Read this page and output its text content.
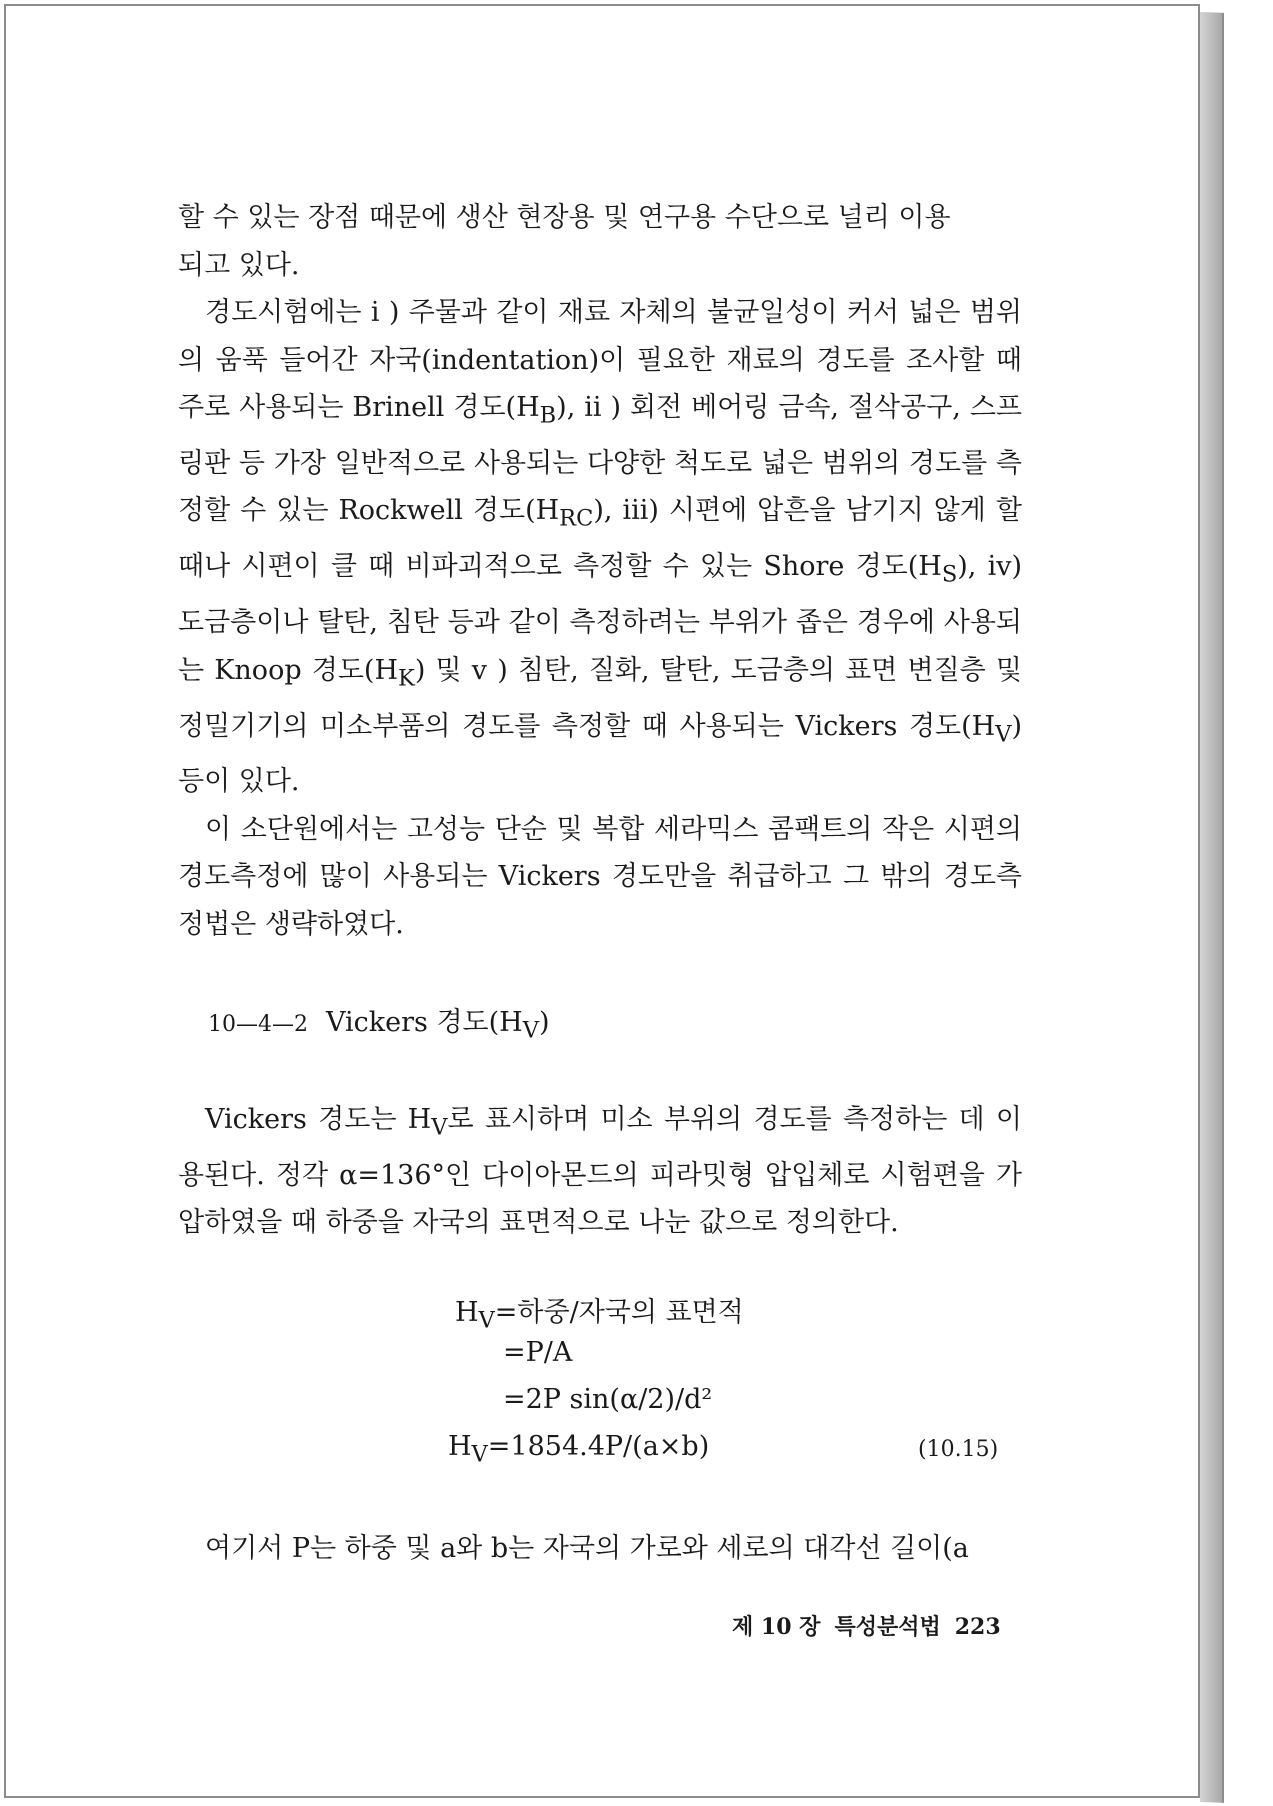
할 수 있는 장점 때문에 생산 현장용 및 연구용 수단으로 널리 이용
되고 있다.

경도시험에는 i ) 주물과 같이 재료 자체의 불균일성이 커서 넓은 범위의 움푹 들어간 자국(indentation)이 필요한 재료의 경도를 조사할 때 주로 사용되는 Brinell 경도$(H_B)$, ii ) 회전 베어링 금속, 절삭공구, 스프링판 등 가장 일반적으로 사용되는 다양한 척도로 넓은 범위의 경도를 측정할 수 있는 Rockwell 경도$(H_{RC})$, iii) 시편에 압흔을 남기지 않게 할 때나 시편이 클 때 비파괴적으로 측정할 수 있는 Shore 경도$(H_S)$, iv) 도금층이나 탈탄, 침탄 등과 같이 측정하려는 부위가 좁은 경우에 사용되는 Knoop 경도$(H_K)$ 및 v ) 침탄, 질화, 탈탄, 도금층의 표면 변질층 및 정밀기기의 미소부품의 경도를 측정할 때 사용되는 Vickers 경도$(H_V)$ 등이 있다.

이 소단원에서는 고성능 단순 및 복합 세라믹스 콤팩트의 작은 시편의 경도측정에 많이 사용되는 Vickers 경도만을 취급하고 그 밖의 경도측정법은 생략하였다.

10—4—2 Vickers 경도$(H_V)$

Vickers 경도는 $H_V$로 표시하며 미소 부위의 경도를 측정하는 데 이용된다. 정각 α=136°인 다이아몬드의 피라밋형 압입체로 시험편을 가압하였을 때 하중을 자국의 표면적으로 나눈 값으로 정의한다.

$H_V=$하중/자국의 표면적
=P/A
=2P sin(α/2)/d²
$H_V=1854.4P/(a\times b)$	(10.15)

여기서 P는 하중 및 a와 b는 자국의 가로와 세로의 대각선 길이(a

제 10 장 특성분석법 223
